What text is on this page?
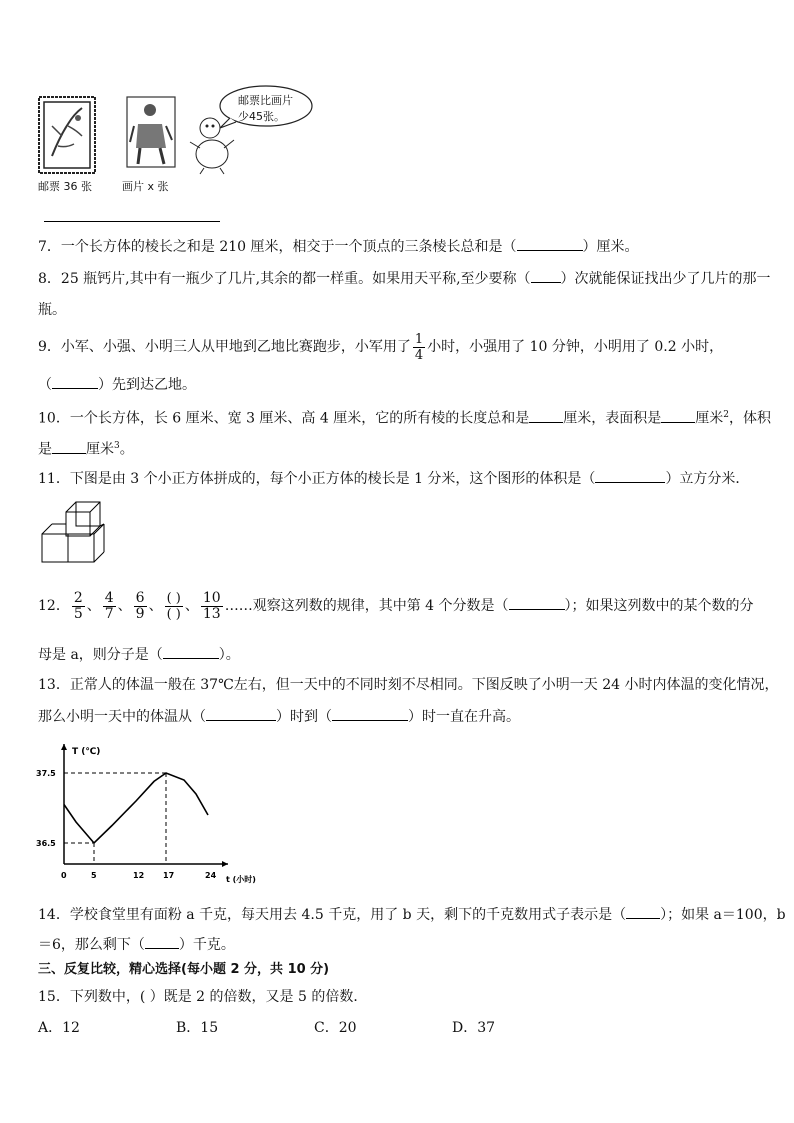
邮票 36 张	画片 x 张
邮票比画片
少45张。
7．一个长方体的棱长之和是 210 厘米，相交于一个顶点的三条棱长总和是（	）厘米。
8．25 瓶钙片,其中有一瓶少了几片,其余的都一样重。如果用天平称,至少要称（ ）次就能保证找出少了几片的那一
瓶。
9．小军、小强、小明三人从甲地到乙地比赛跑步，小军用了 $\frac{1}{4}$ 小时，小强用了 10 分钟，小明用了 0.2 小时，
（	）先到达乙地。
10．一个长方体，长 6 厘米、宽 3 厘米、高 4 厘米，它的所有棱的长度总和是 厘米，表面积是 厘米$^2$，体积
是 厘米$^3$。
11．下图是由 3 个小正方体拼成的，每个小正方体的棱长是 1 分米，这个图形的体积是（	）立方分米．
12． $\frac{2}{5}$ 、 $\frac{4}{7}$ 、 $\frac{6}{9}$ 、 $\frac{( )}{( )}$ 、 $\frac{10}{13}$ ……观察这列数的规律，其中第 4 个分数是（	）；如果这列数中的某个数的分
母是 a，则分子是（	）。
13．正常人的体温一般在 37℃左右，但一天中的不同时刻不尽相同。下图反映了小明一天 24 小时内体温的变化情况，
那么小明一天中的体温从（	）时到（	）时一直在升高。
T (℃)
t (小时)
0	5	12 17	24
36.5
37.5
14．学校食堂里有面粉 a 千克，每天用去 4.5 千克，用了 b 天，剩下的千克数用式子表示是（ ）；如果 a＝100，b
＝6，那么剩下（ ）千克。
三、反复比较，精心选择(每小题 2 分，共 10 分)
15．下列数中，( ）既是 2 的倍数，又是 5 的倍数．
A．12	B．15	C．20	D．37
